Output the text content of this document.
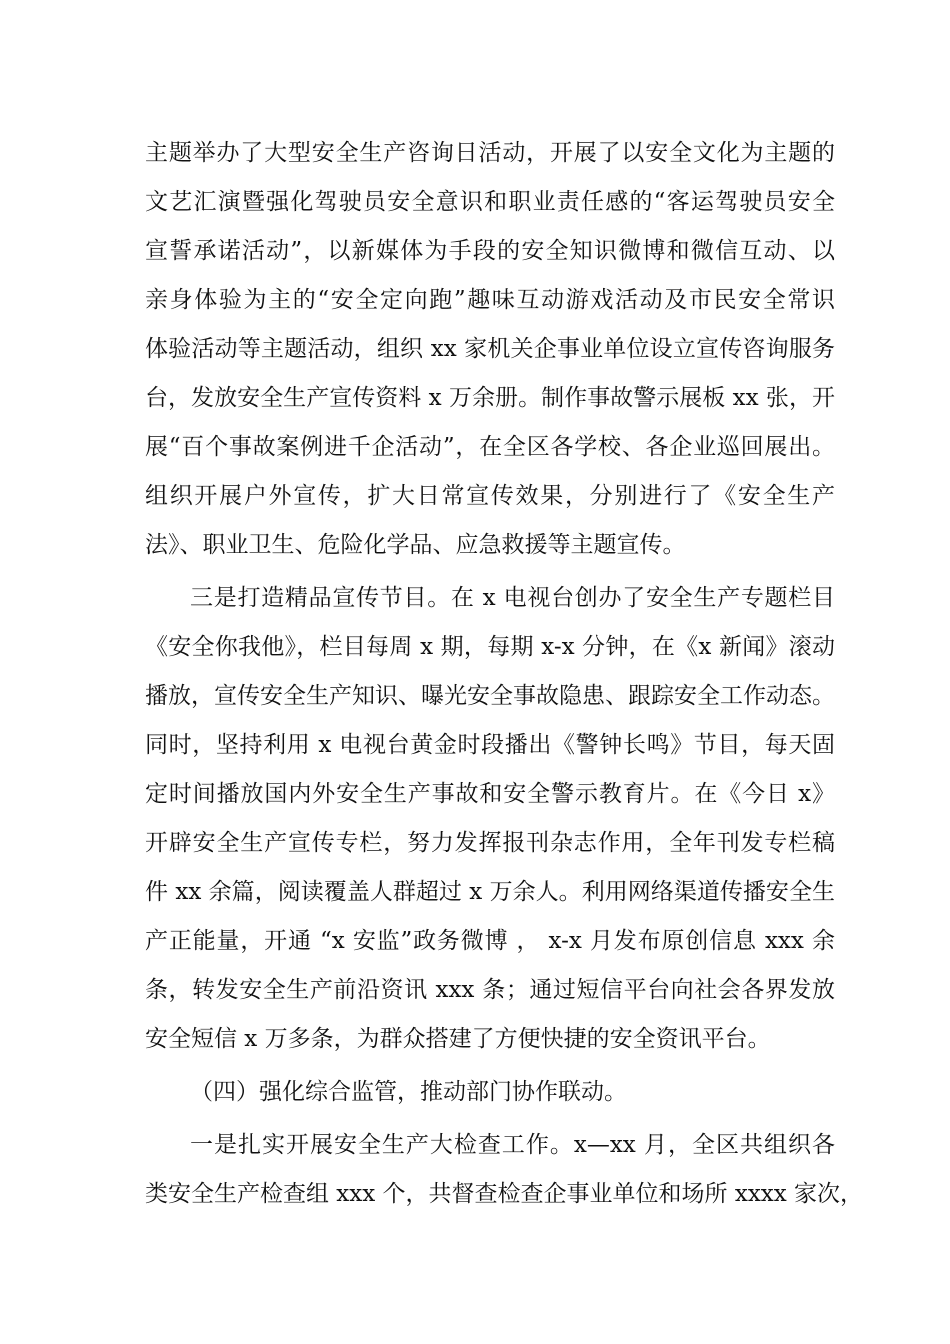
主题举办了大型安全生产咨询日活动，开展了以安全文化为主题的
文艺汇演暨强化驾驶员安全意识和职业责任感的“客运驾驶员安全
宣誓承诺活动”，以新媒体为手段的安全知识微博和微信互动、以
亲身体验为主的“安全定向跑”趣味互动游戏活动及市民安全常识
体验活动等主题活动，组织 xx 家机关企事业单位设立宣传咨询服务
台，发放安全生产宣传资料 x 万余册。制作事故警示展板 xx 张，开
展“百个事故案例进千企活动”，在全区各学校、各企业巡回展出。
组织开展户外宣传，扩大日常宣传效果，分别进行了《安全生产
法》、职业卫生、危险化学品、应急救援等主题宣传。
三是打造精品宣传节目。在 x 电视台创办了安全生产专题栏目
《安全你我他》，栏目每周 x 期，每期 x-x 分钟，在《x 新闻》滚动
播放，宣传安全生产知识、曝光安全事故隐患、跟踪安全工作动态。
同时，坚持利用 x 电视台黄金时段播出《警钟长鸣》节目，每天固
定时间播放国内外安全生产事故和安全警示教育片。在《今日 x》
开辟安全生产宣传专栏，努力发挥报刊杂志作用，全年刊发专栏稿
件 xx 余篇，阅读覆盖人群超过 x 万余人。利用网络渠道传播安全生
产正能量，开通 “x 安监”政务微博 ， x-x 月发布原创信息 xxx 余
条，转发安全生产前沿资讯 xxx 条；通过短信平台向社会各界发放
安全短信 x 万多条，为群众搭建了方便快捷的安全资讯平台。
（四）强化综合监管，推动部门协作联动。
一是扎实开展安全生产大检查工作。x—xx 月，全区共组织各
类安全生产检查组 xxx 个，共督查检查企事业单位和场所 xxxx 家次，
